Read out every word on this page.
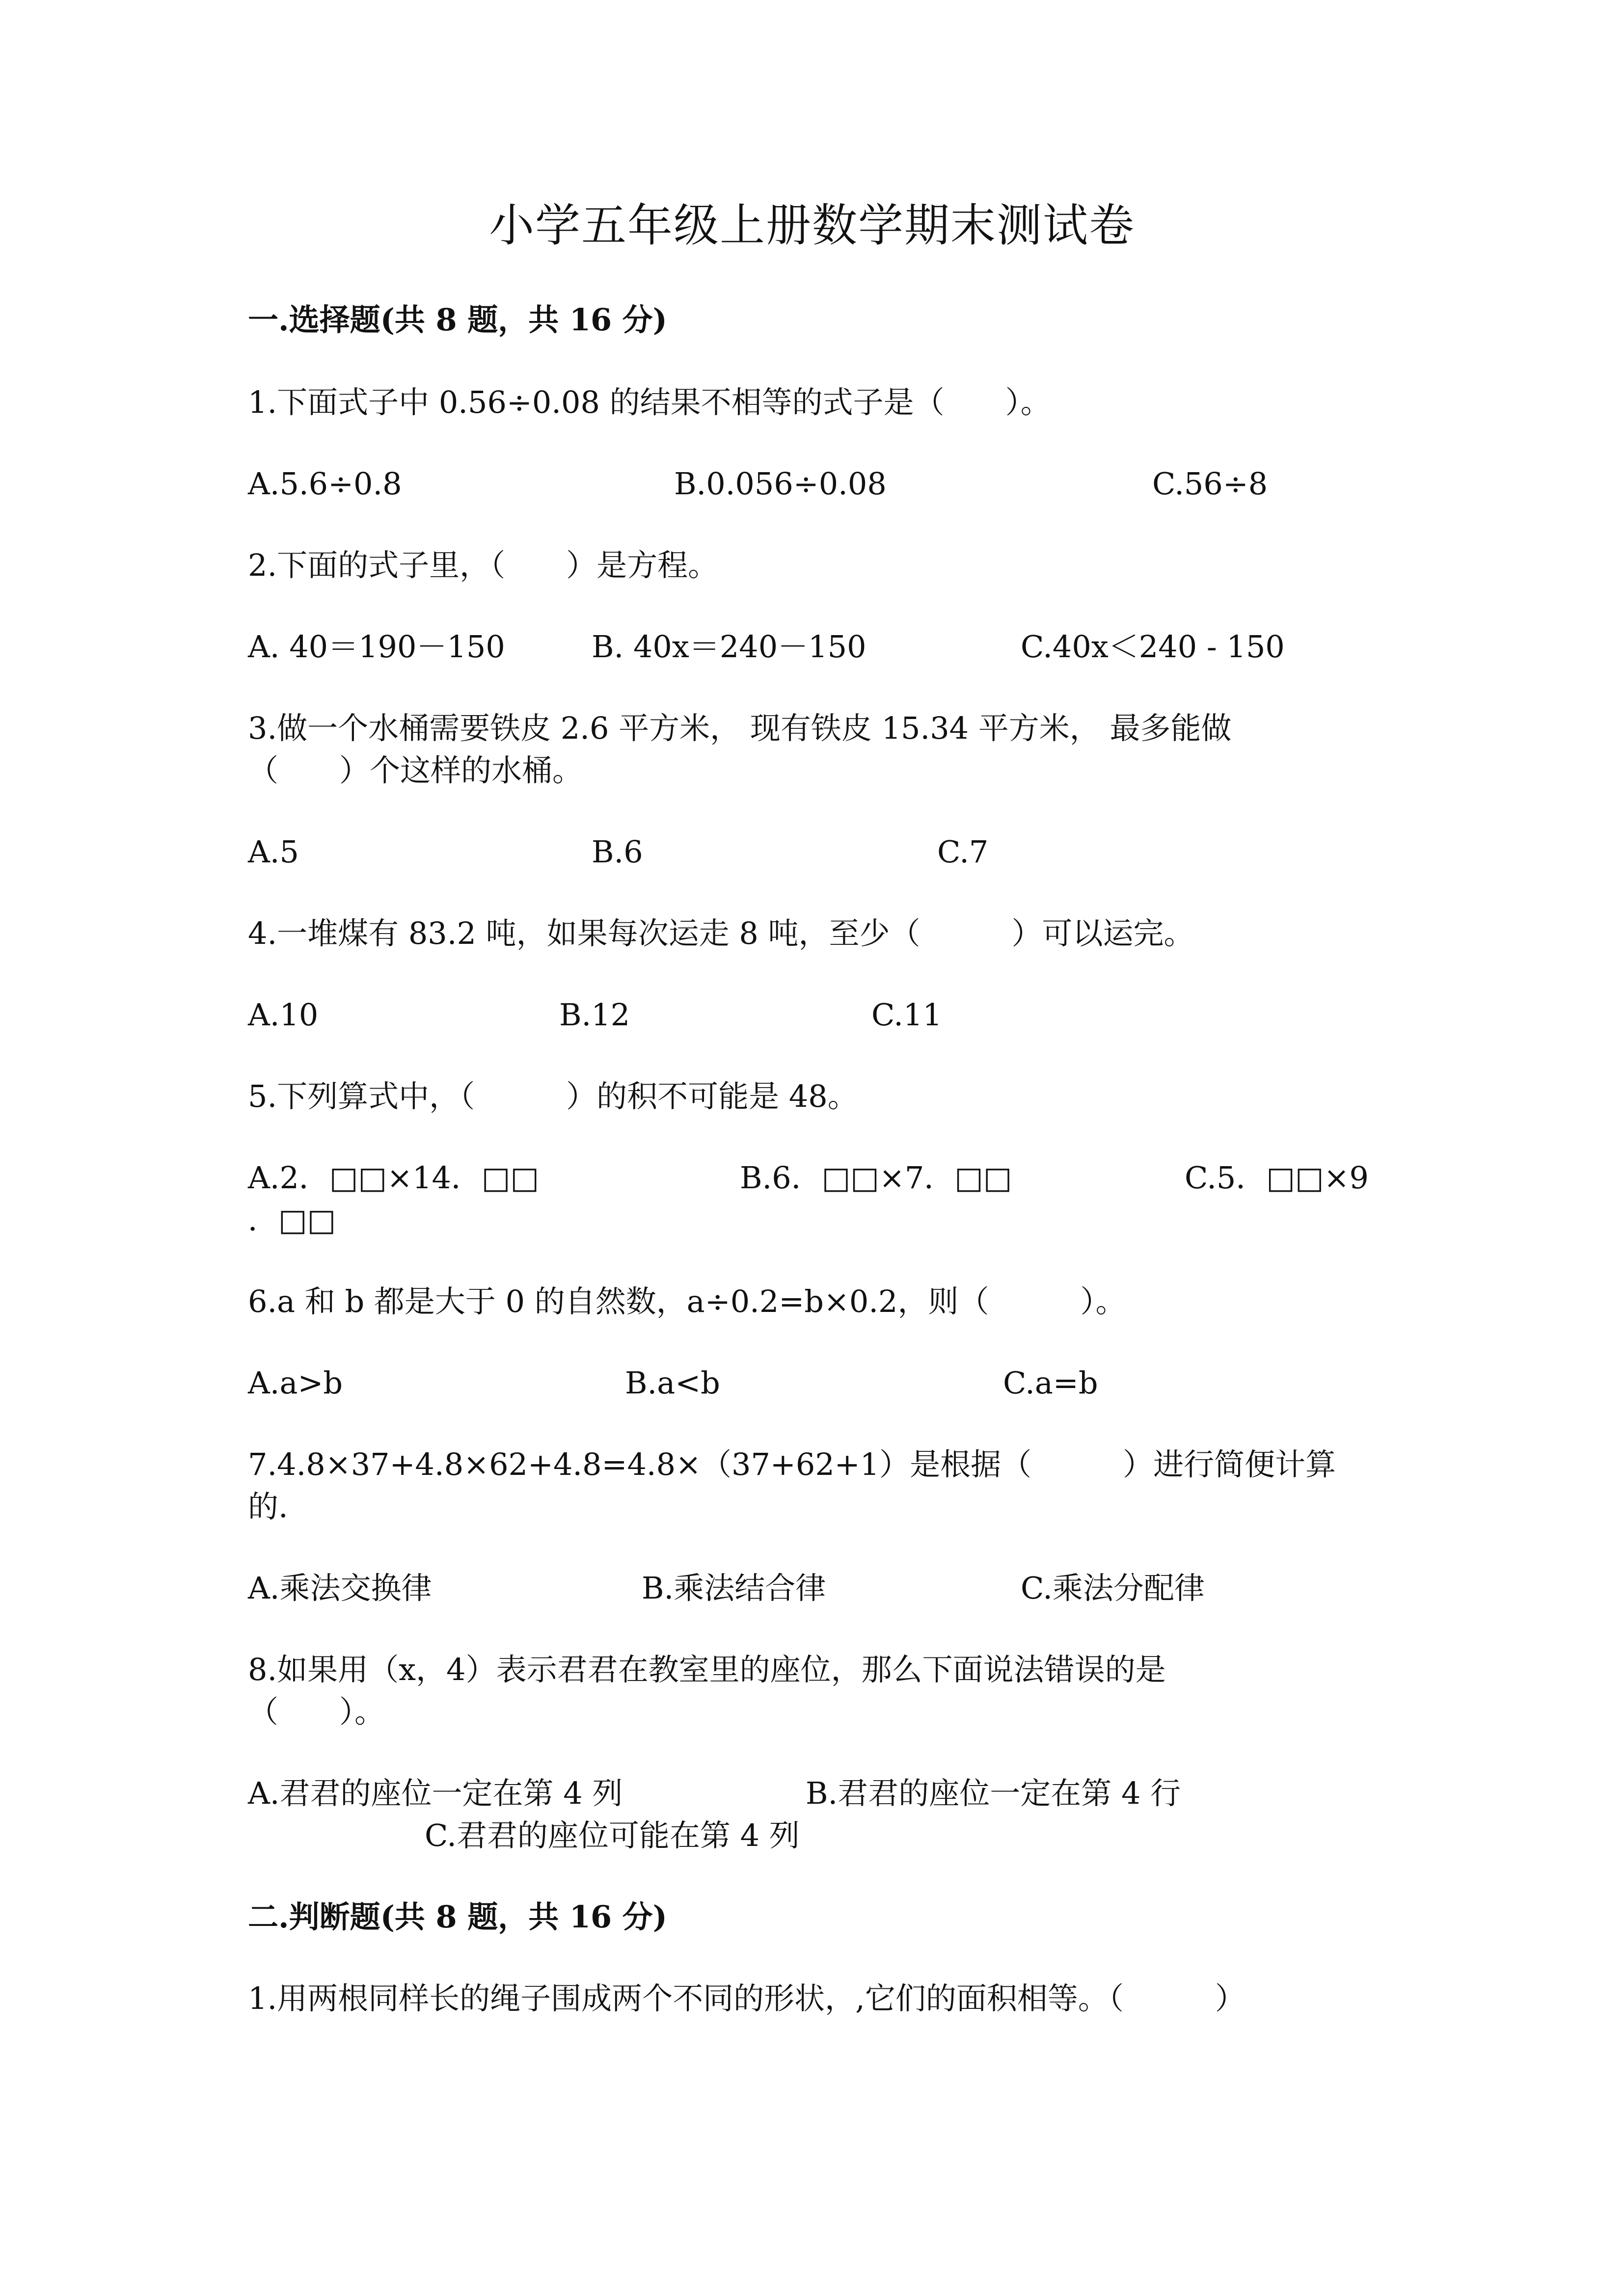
小学五年级上册数学期末测试卷
一.选择题(共 8 题，共 16 分)
1.下面式子中 0.56÷0.08 的结果不相等的式子是（　　）。
A.5.6÷0.8	B.0.056÷0.08	C.56÷8
2.下面的式子里，（　　）是方程。
A. 40＝190－150	B. 40x＝240－150	C.40x＜240 - 150
3.做一个水桶需要铁皮 2.6 平方米， 现有铁皮 15.34 平方米， 最多能做
（　　）个这样的水桶。
A.5	B.6	C.7
4.一堆煤有 83.2 吨，如果每次运走 8 吨，至少（　　　）可以运完。
A.10	B.12	C.11
5.下列算式中，（　　　）的积不可能是 48。
A.2．□□×14．□□	B.6．□□×7．□□	C.5．□□×9
．□□
6.a 和 b 都是大于 0 的自然数，a÷0.2=b×0.2，则（　　　）。
A.a>b	B.a<b	C.a=b
7.4.8×37+4.8×62+4.8=4.8×（37+62+1）是根据（　　　）进行简便计算
的.
A.乘法交换律	B.乘法结合律	C.乘法分配律
8.如果用（x，4）表示君君在教室里的座位，那么下面说法错误的是
（　　）。
A.君君的座位一定在第 4 列	B.君君的座位一定在第 4 行
C.君君的座位可能在第 4 列
二.判断题(共 8 题，共 16 分)
1.用两根同样长的绳子围成两个不同的形状，,它们的面积相等。（　　　）
